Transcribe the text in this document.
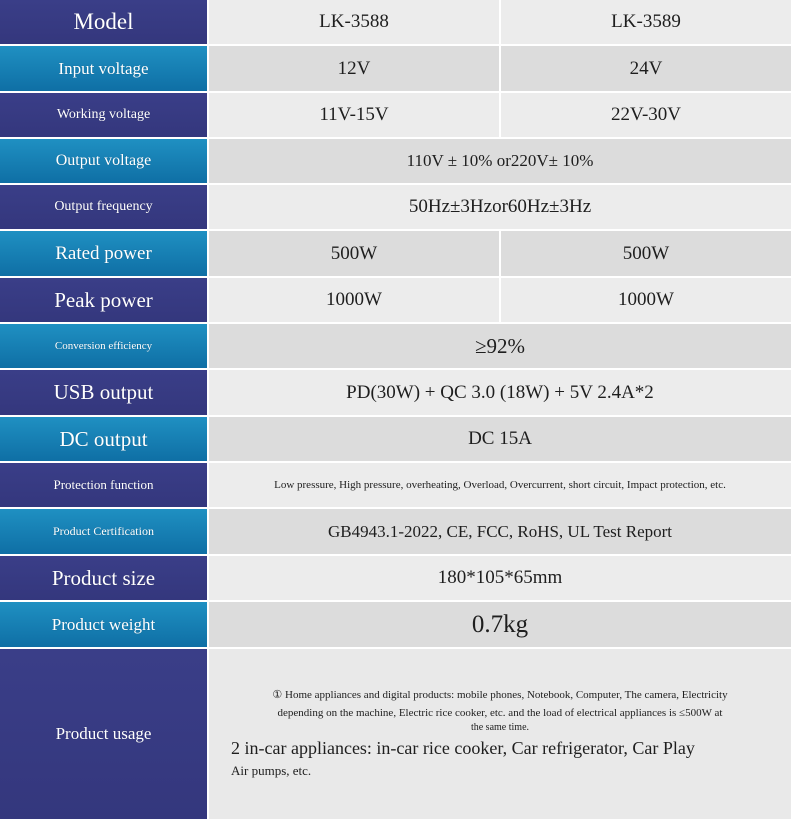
Model	LK-3588	LK-3589
Input voltage	12V	24V
Working voltage	11V-15V	22V-30V
Output voltage	110V ± 10% or220V± 10%
Output frequency	50Hz±3Hzor60Hz±3Hz
Rated power	500W	500W
Peak power	1000W	1000W
Conversion efficiency	≥92%
USB output	PD(30W) + QC 3.0 (18W) + 5V 2.4A*2
DC output	DC 15A
Protection function	Low pressure, High pressure, overheating, Overload, Overcurrent, short circuit, Impact protection, etc.
Product Certification	GB4943.1-2022, CE, FCC, RoHS, UL Test Report
Product size	180*105*65mm
Product weight	0.7kg
Product usage
① Home appliances and digital products: mobile phones, Notebook, Computer, The camera, Electricity
depending on the machine, Electric rice cooker, etc. and the load of electrical appliances is ≤500W at
the same time.
2 in-car appliances: in-car rice cooker, Car refrigerator, Car Play
Air pumps, etc.
